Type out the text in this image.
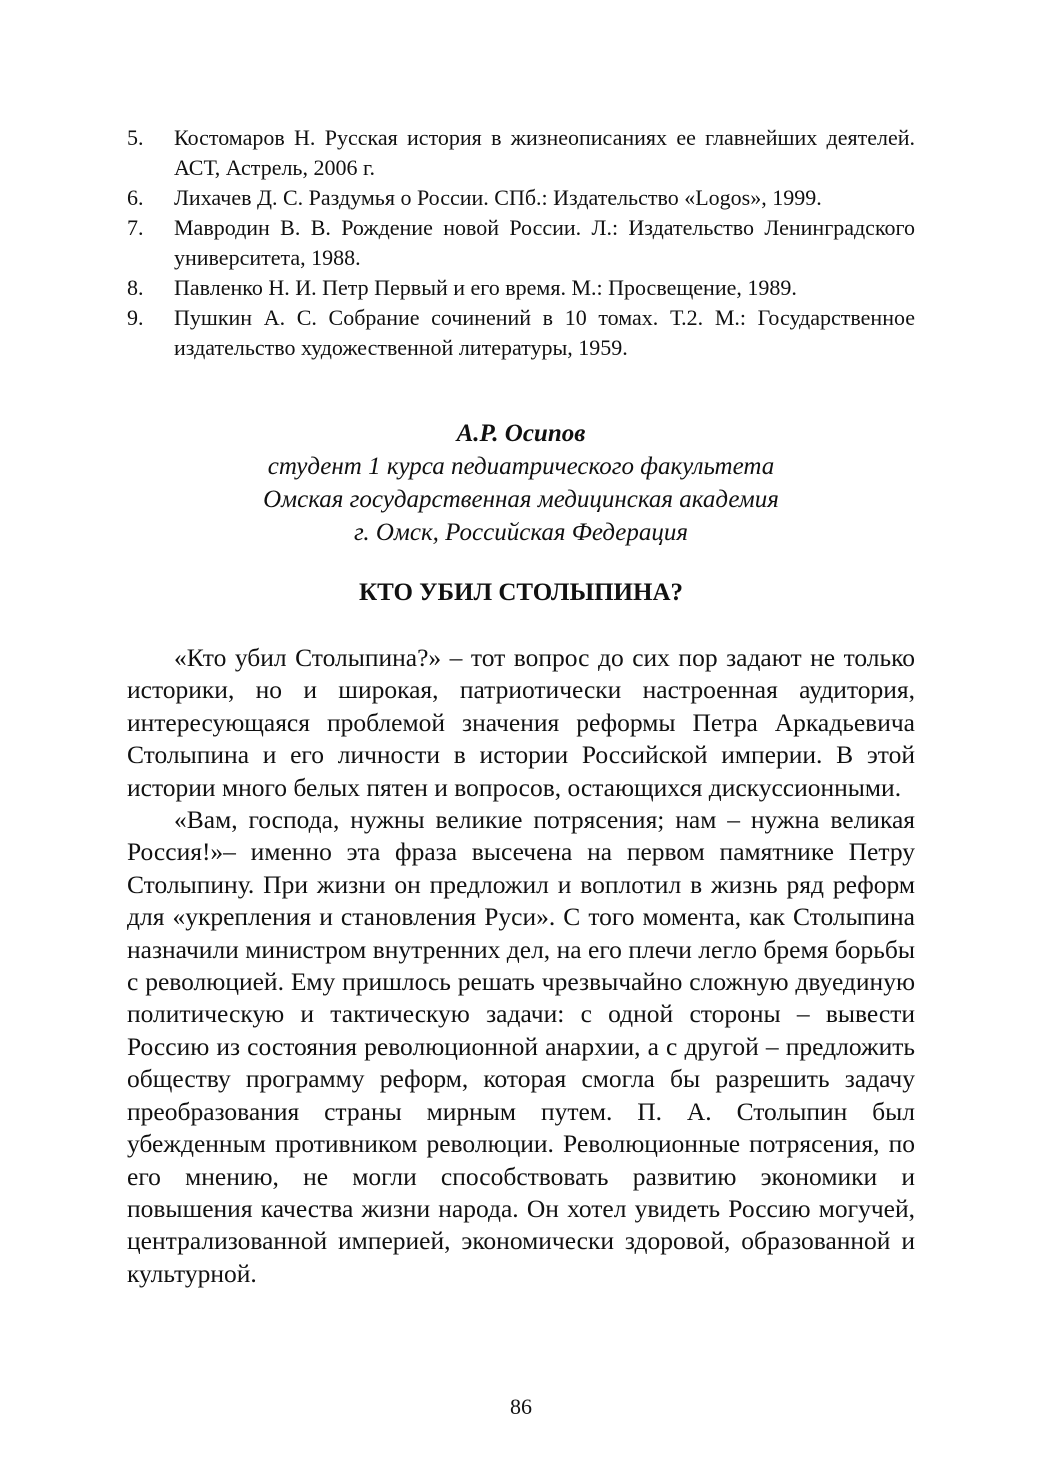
5. Костомаров Н. Русская история в жизнеописаниях ее главнейших деятелей. АСТ, Астрель, 2006 г.
6. Лихачев Д. С. Раздумья о России. СПб.: Издательство «Logos», 1999.
7. Мавродин В. В. Рождение новой России. Л.: Издательство Ленинградского университета, 1988.
8. Павленко Н. И. Петр Первый и его время. М.: Просвещение, 1989.
9. Пушкин А. С. Собрание сочинений в 10 томах. Т.2. М.: Государственное издательство художественной литературы, 1959.
А.Р. Осипов
студент 1 курса педиатрического факультета
Омская государственная медицинская академия
г. Омск, Российская Федерация
КТО УБИЛ СТОЛЫПИНА?

«Кто убил Столыпина?» – тот вопрос до сих пор задают не только историки, но и широкая, патриотически настроенная аудитория, интересующаяся проблемой значения реформы Петра Аркадьевича Столыпина и его личности в истории Российской империи. В этой истории много белых пятен и вопросов, остающихся дискуссионными.

«Вам, господа, нужны великие потрясения; нам – нужна великая Россия!»– именно эта фраза высечена на первом памятнике Петру Столыпину. При жизни он предложил и воплотил в жизнь ряд реформ для «укрепления и становления Руси». С того момента, как Столыпина назначили министром внутренних дел, на его плечи легло бремя борьбы с революцией. Ему пришлось решать чрезвычайно сложную двуединую политическую и тактическую задачи: с одной стороны – вывести Россию из состояния революционной анархии, а с другой – предложить обществу программу реформ, которая смогла бы разрешить задачу преобразования страны мирным путем. П. А. Столыпин был убежденным противником революции. Революционные потрясения, по его мнению, не могли способствовать развитию экономики и повышения качества жизни народа. Он хотел увидеть Россию могучей, централизованной империей, экономически здоровой, образованной и культурной.

86
